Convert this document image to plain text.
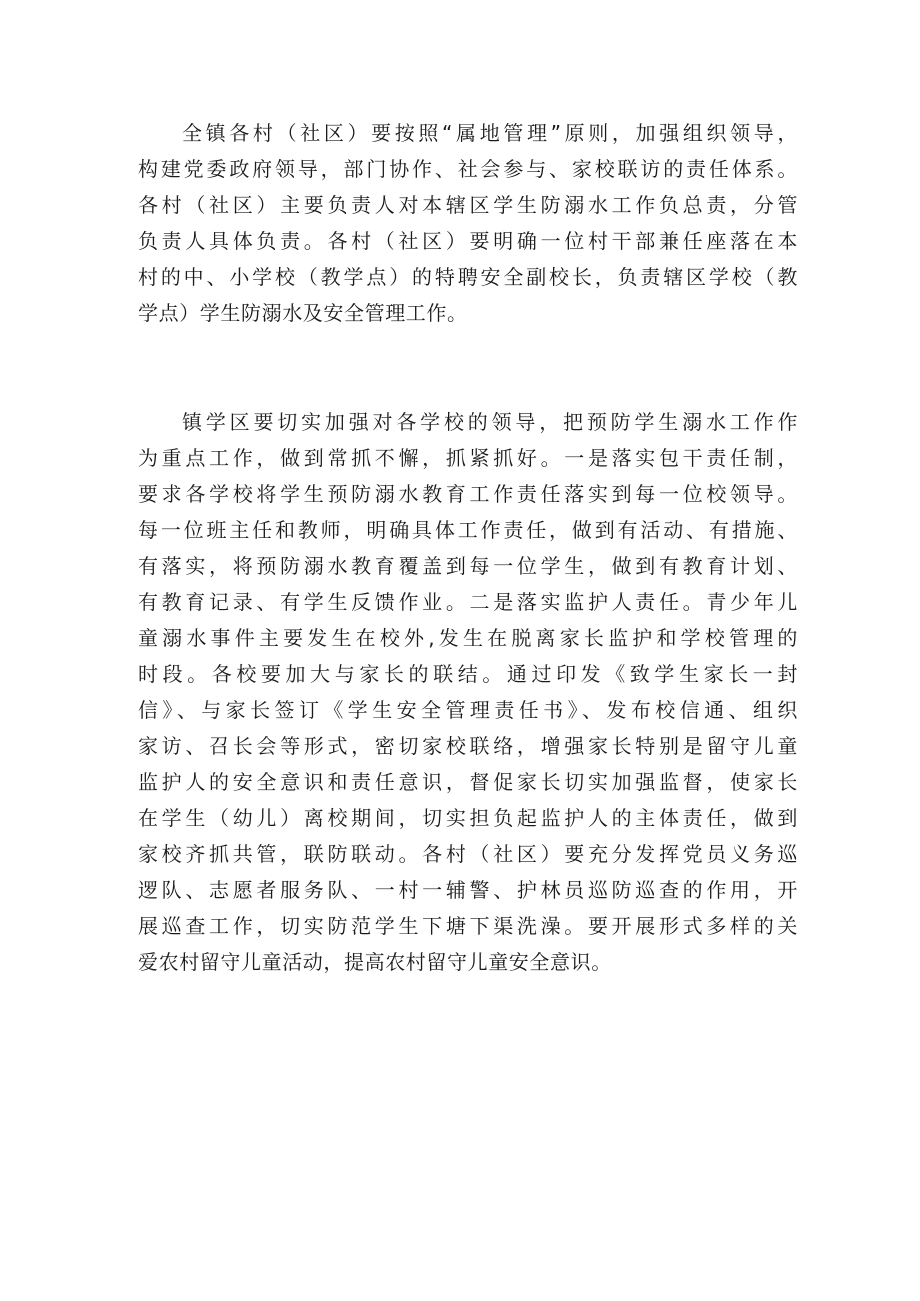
全镇各村（社区）要按照“属地管理”原则，加强组织领导，
构建党委政府领导，部门协作、社会参与、家校联访的责任体系。
各村（社区）主要负责人对本辖区学生防溺水工作负总责，分管
负责人具体负责。各村（社区）要明确一位村干部兼任座落在本
村的中、小学校（教学点）的特聘安全副校长，负责辖区学校（教
学点）学生防溺水及安全管理工作。
镇学区要切实加强对各学校的领导，把预防学生溺水工作作
为重点工作，做到常抓不懈，抓紧抓好。一是落实包干责任制，
要求各学校将学生预防溺水教育工作责任落实到每一位校领导。
每一位班主任和教师，明确具体工作责任，做到有活动、有措施、
有落实，将预防溺水教育覆盖到每一位学生，做到有教育计划、
有教育记录、有学生反馈作业。二是落实监护人责任。青少年儿
童溺水事件主要发生在校外,发生在脱离家长监护和学校管理的
时段。各校要加大与家长的联结。通过印发《致学生家长一封
信》、与家长签订《学生安全管理责任书》、发布校信通、组织
家访、召长会等形式，密切家校联络，增强家长特别是留守儿童
监护人的安全意识和责任意识，督促家长切实加强监督，使家长
在学生（幼儿）离校期间，切实担负起监护人的主体责任，做到
家校齐抓共管，联防联动。各村（社区）要充分发挥党员义务巡
逻队、志愿者服务队、一村一辅警、护林员巡防巡查的作用，开
展巡查工作，切实防范学生下塘下渠洗澡。要开展形式多样的关
爱农村留守儿童活动，提高农村留守儿童安全意识。
